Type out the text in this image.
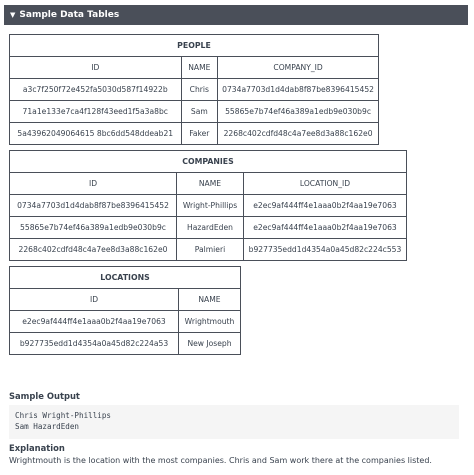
▼ Sample Data Tables
PEOPLE		
ID	NAME	COMPANY_ID
a3c7f250f72e452fa5030d587f14922b	Chris	0734a7703d1d4dab8f87be8396415452
71a1e133e7ca4f128f43eed1f5a3a8bc	Sam	55865e7b74ef46a389a1edb9e030b9c
5a43962049064615 8bc6dd548ddeab21	Faker	2268c402cdfd48c4a7ee8d3a88c162e0
COMPANIES		
ID	NAME	LOCATION_ID
0734a7703d1d4dab8f87be8396415452	Wright-Phillips	e2ec9af444ff4e1aaa0b2f4aa19e7063
55865e7b74ef46a389a1edb9e030b9c	HazardEden	e2ec9af444ff4e1aaa0b2f4aa19e7063
2268c402cdfd48c4a7ee8d3a88c162e0	Palmieri	b927735edd1d4354a0a45d82c224c553
LOCATIONS	
ID	NAME
e2ec9af444ff4e1aaa0b2f4aa19e7063	Wrightmouth
b927735edd1d4354a0a45d82c224a53	New Joseph
Sample Output
Chris Wright-Phillips
Sam HazardEden
Explanation
Wrightmouth is the location with the most companies. Chris and Sam work there at the companies listed.
